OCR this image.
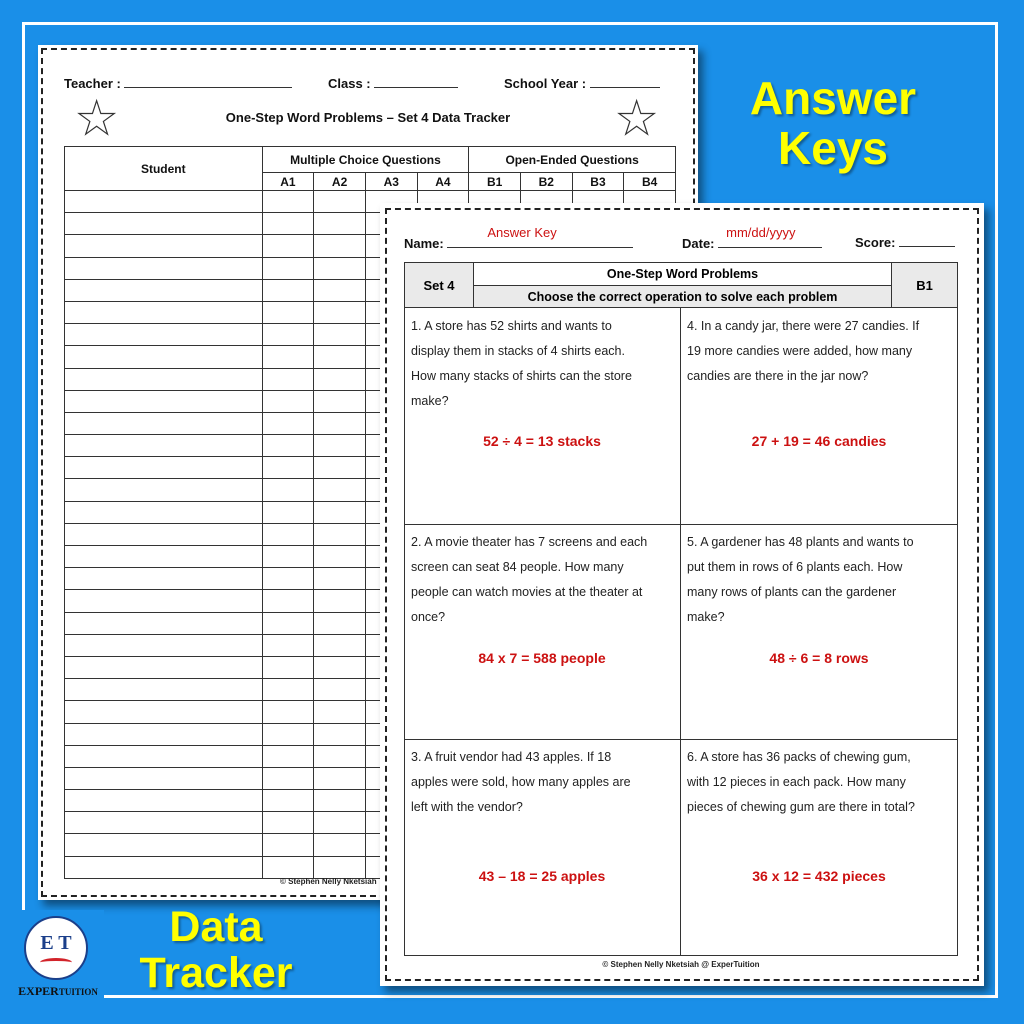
Teacher :	Class :	School Year :
★	★
One-Step Word Problems – Set 4 Data Tracker
Student	Multiple Choice Questions				Open-Ended Questions			
	A1	A2	A3	A4	B1	B2	B3	B4

© Stephen Nelly Nketsiah
Name:
Answer Key
Date:
mm/dd/yyyy
Score:
Set 4	B1
One-Step Word Problems
Choose the correct operation to solve each problem
1. A store has 52 shirts and wants to
display them in stacks of 4 shirts each.
How many stacks of shirts can the store
make?
52 ÷ 4 = 13 stacks
4. In a candy jar, there were 27 candies. If
19 more candies were added, how many
candies are there in the jar now?
27 + 19 = 46 candies
2. A movie theater has 7 screens and each
screen can seat 84 people. How many
people can watch movies at the theater at
once?
84 x 7 = 588 people
5. A gardener has 48 plants and wants to
put them in rows of 6 plants each. How
many rows of plants can the gardener
make?
48 ÷ 6 = 8 rows
3. A fruit vendor had 43 apples. If 18
apples were sold, how many apples are
left with the vendor?
43 – 18 = 25 apples
6. A store has 36 packs of chewing gum,
with 12 pieces in each pack. How many
pieces of chewing gum are there in total?
36 x 12 = 432 pieces
© Stephen Nelly Nketsiah @ ExperTuition
Answer
Keys
Data
Tracker
E T
EXPERTUITION
